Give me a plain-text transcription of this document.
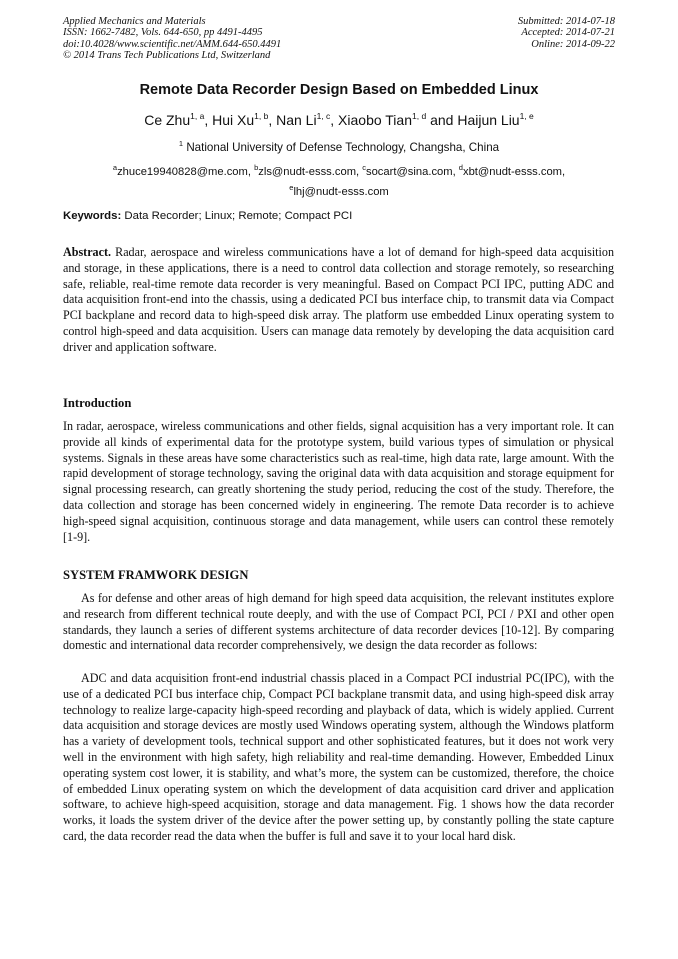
Applied Mechanics and Materials
ISSN: 1662-7482, Vols. 644-650, pp 4491-4495
doi:10.4028/www.scientific.net/AMM.644-650.4491
© 2014 Trans Tech Publications Ltd, Switzerland
Submitted: 2014-07-18
Accepted: 2014-07-21
Online: 2014-09-22
Remote Data Recorder Design Based on Embedded Linux
Ce Zhu$^{1, a}$, Hui Xu$^{1, b}$, Nan Li$^{1, c}$, Xiaobo Tian$^{1, d}$ and Haijun Liu$^{1, e}$
$^1$ National University of Defense Technology, Changsha, China
$^a$zhuce19940828@me.com, $^b$zls@nudt-esss.com, $^c$socart@sina.com, $^d$xbt@nudt-esss.com,
$^e$lhj@nudt-esss.com
Keywords: Data Recorder; Linux; Remote; Compact PCI
Abstract. Radar, aerospace and wireless communications have a lot of demand for high-speed data acquisition and storage, in these applications, there is a need to control data collection and storage remotely, so researching safe, reliable, real-time remote data recorder is very meaningful. Based on Compact PCI IPC, putting ADC and data acquisition front-end into the chassis, using a dedicated PCI bus interface chip, to transmit data via Compact PCI backplane and record data to high-speed disk array. The platform use embedded Linux operating system to control high-speed and data acquisition. Users can manage data remotely by developing the data acquisition card driver and application software.
Introduction
In radar, aerospace, wireless communications and other fields, signal acquisition has a very important role. It can provide all kinds of experimental data for the prototype system, build various types of simulation or physical systems. Signals in these areas have some characteristics such as real-time, high data rate, large amount. With the rapid development of storage technology, saving the original data with data acquisition and storage equipment for signal processing research, can greatly shortening the study period, reducing the cost of the study. Therefore, the data collection and storage has been concerned widely in engineering. The remote Data recorder is to achieve high-speed signal acquisition, continuous storage and data management, while users can control these remotely [1-9].
SYSTEM FRAMWORK DESIGN
As for defense and other areas of high demand for high speed data acquisition, the relevant institutes explore and research from different technical route deeply, and with the use of Compact PCI, PCI / PXI and other open standards, they launch a series of different systems architecture of data recorder devices [10-12]. By comparing domestic and international data recorder comprehensively, we design the data recorder as follows:
ADC and data acquisition front-end industrial chassis placed in a Compact PCI industrial PC(IPC), with the use of a dedicated PCI bus interface chip, Compact PCI backplane transmit data, and using high-speed disk array technology to realize large-capacity high-speed recording and playback of data, which is widely applied. Current data acquisition and storage devices are mostly used Windows operating system, although the Windows platform has a variety of development tools, technical support and other sophisticated features, but it does not work very well in the environment with high safety, high reliability and real-time demanding. However, Embedded Linux operating system cost lower, it is stability, and what’s more, the system can be customized, therefore, the choice of embedded Linux operating system on which the development of data acquisition card driver and application software, to achieve high-speed acquisition, storage and data management. Fig. 1 shows how the data recorder works, it loads the system driver of the device after the power setting up, by constantly polling the state capture card, the data recorder read the data when the buffer is full and save it to your local hard disk.
